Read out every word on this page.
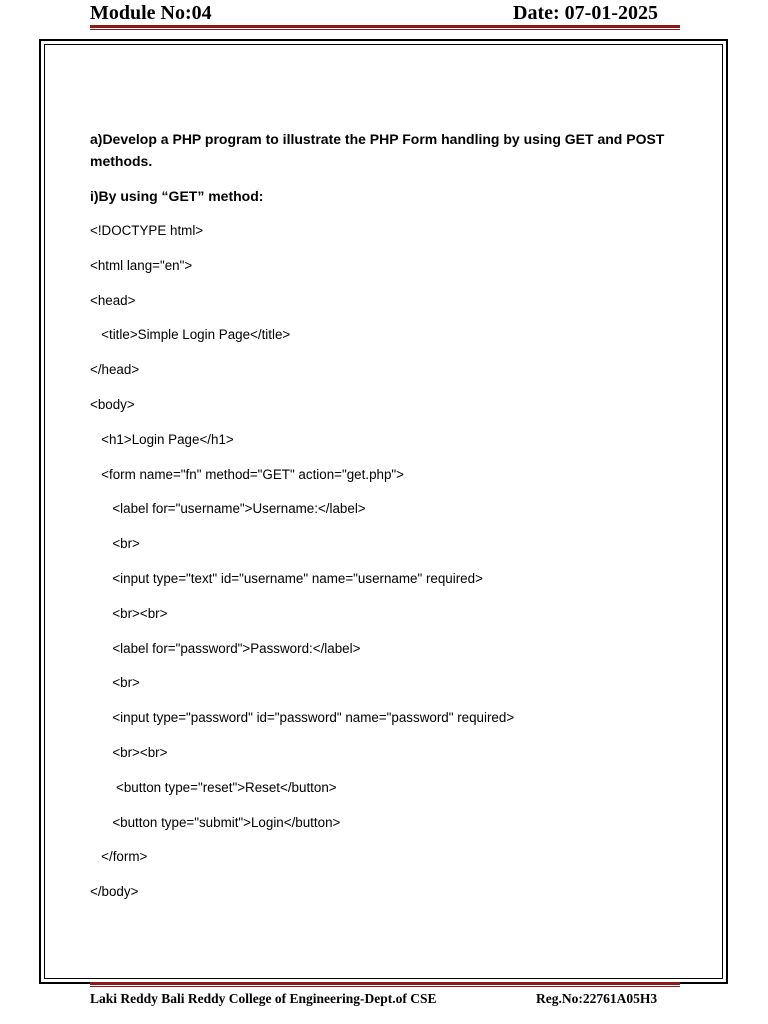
Module No:04	Date: 07-01-2025

a)Develop a PHP program to illustrate the PHP Form handling by using GET and POST methods.

i)By using “GET” method:

<!DOCTYPE html>
<html lang="en">
<head>
<title>Simple Login Page</title>
</head>
<body>
<h1>Login Page</h1>
<form name="fn" method="GET" action="get.php">
<label for="username">Username:</label>
<br>
<input type="text" id="username" name="username" required>
<br><br>
<label for="password">Password:</label>
<br>
<input type="password" id="password" name="password" required>
<br><br>
<button type="reset">Reset</button>
<button type="submit">Login</button>
</form>
</body>
Laki Reddy Bali Reddy College of Engineering-Dept.of CSE	Reg.No:22761A05H3
